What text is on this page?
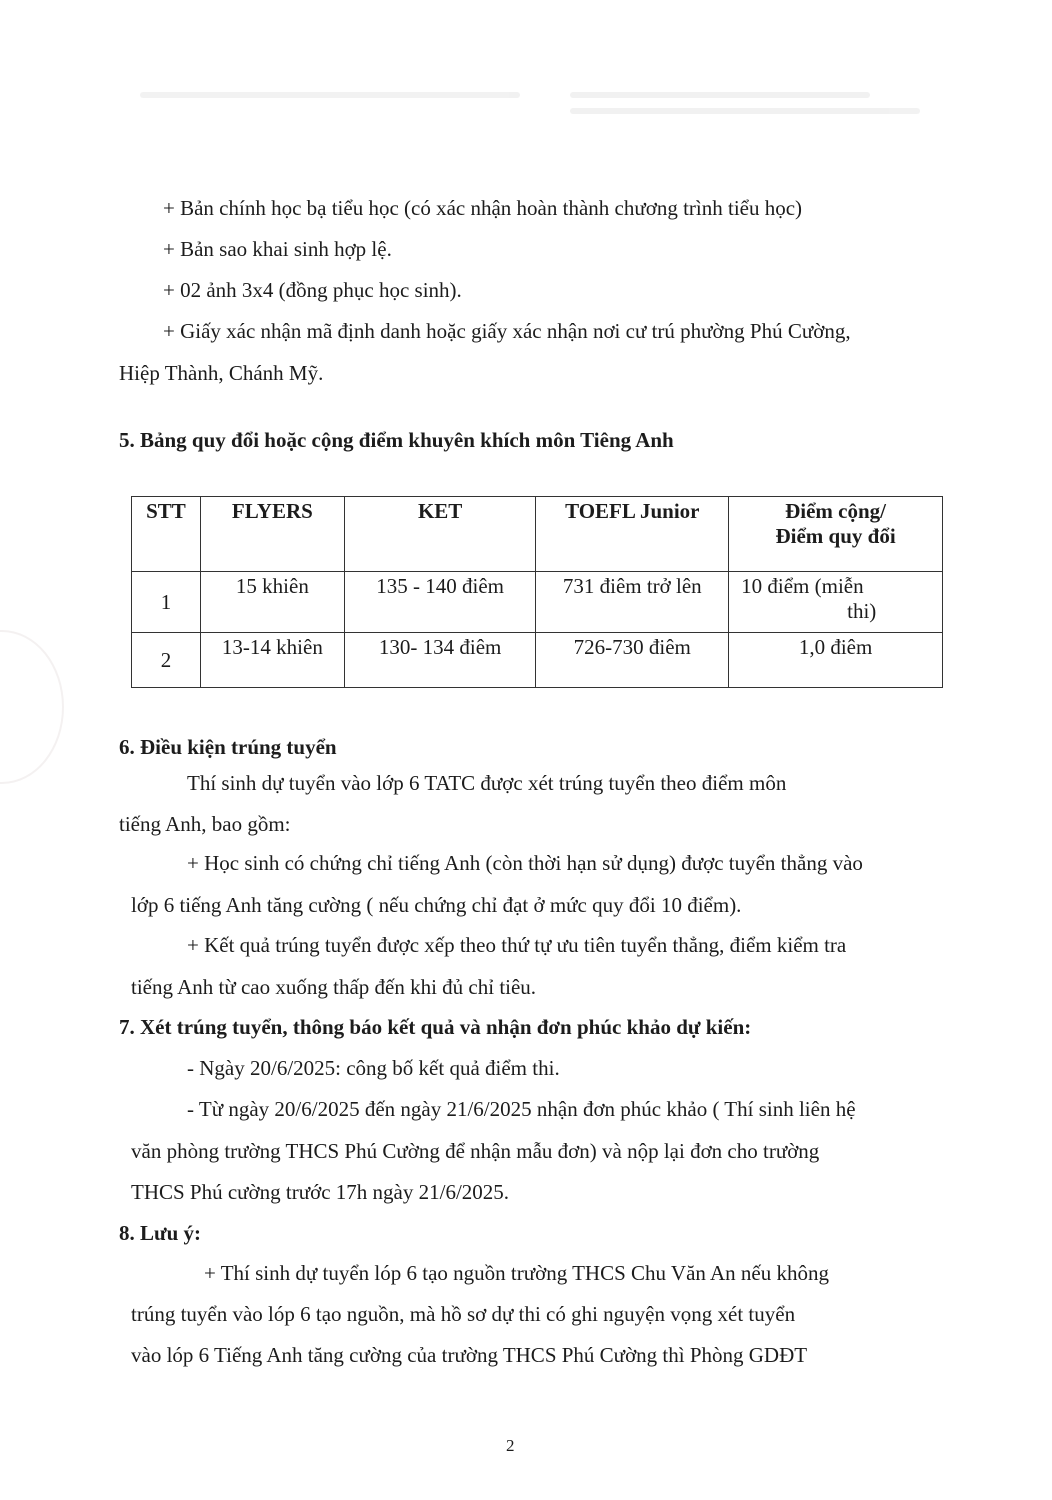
+ Bản chính học bạ tiểu học (có xác nhận hoàn thành chương trình tiểu học)
+ Bản sao khai sinh hợp lệ.
+ 02 ảnh 3x4 (đồng phục học sinh).
+ Giấy xác nhận mã định danh hoặc giấy xác nhận nơi cư trú phường Phú Cường,
Hiệp Thành, Chánh Mỹ.
5. Bảng quy đổi hoặc cộng điểm khuyên khích môn Tiêng Anh
STT	FLYERS	KET	TOEFL Junior	Điểm cộng/
Điểm quy đổi
1	15 khiên	135 - 140 điêm	731 điêm trở lên	10 điểm (miễn
thi)
2	13-14 khiên	130- 134 điêm	726-730 điêm	1,0 điêm
6. Điều kiện trúng tuyển
Thí sinh dự tuyển vào lớp 6 TATC được xét trúng tuyển theo điểm môn
tiếng Anh, bao gồm:
+ Học sinh có chứng chỉ tiếng Anh (còn thời hạn sử dụng) được tuyển thẳng vào
lớp 6 tiếng Anh tăng cường ( nếu chứng chỉ đạt ở mức quy đổi 10 điểm).
+ Kết quả trúng tuyển được xếp theo thứ tự ưu tiên tuyển thẳng, điểm kiểm tra
tiếng Anh từ cao xuống thấp đến khi đủ chỉ tiêu.
7. Xét trúng tuyển, thông báo kết quả và nhận đơn phúc khảo dự kiến:
- Ngày 20/6/2025: công bố kết quả điểm thi.
- Từ ngày 20/6/2025 đến ngày 21/6/2025 nhận đơn phúc khảo ( Thí sinh liên hệ
văn phòng trường THCS Phú Cường để nhận mẫu đơn) và nộp lại đơn cho trường
THCS Phú cường trước 17h ngày 21/6/2025.
8. Lưu ý:
+ Thí sinh dự tuyển lóp 6 tạo nguồn trường THCS Chu Văn An nếu không
trúng tuyển vào lóp 6 tạo nguồn, mà hồ sơ dự thi có ghi nguyện vọng xét tuyển
vào lóp 6 Tiếng Anh tăng cường của trường THCS Phú Cường thì Phòng GDĐT
2
